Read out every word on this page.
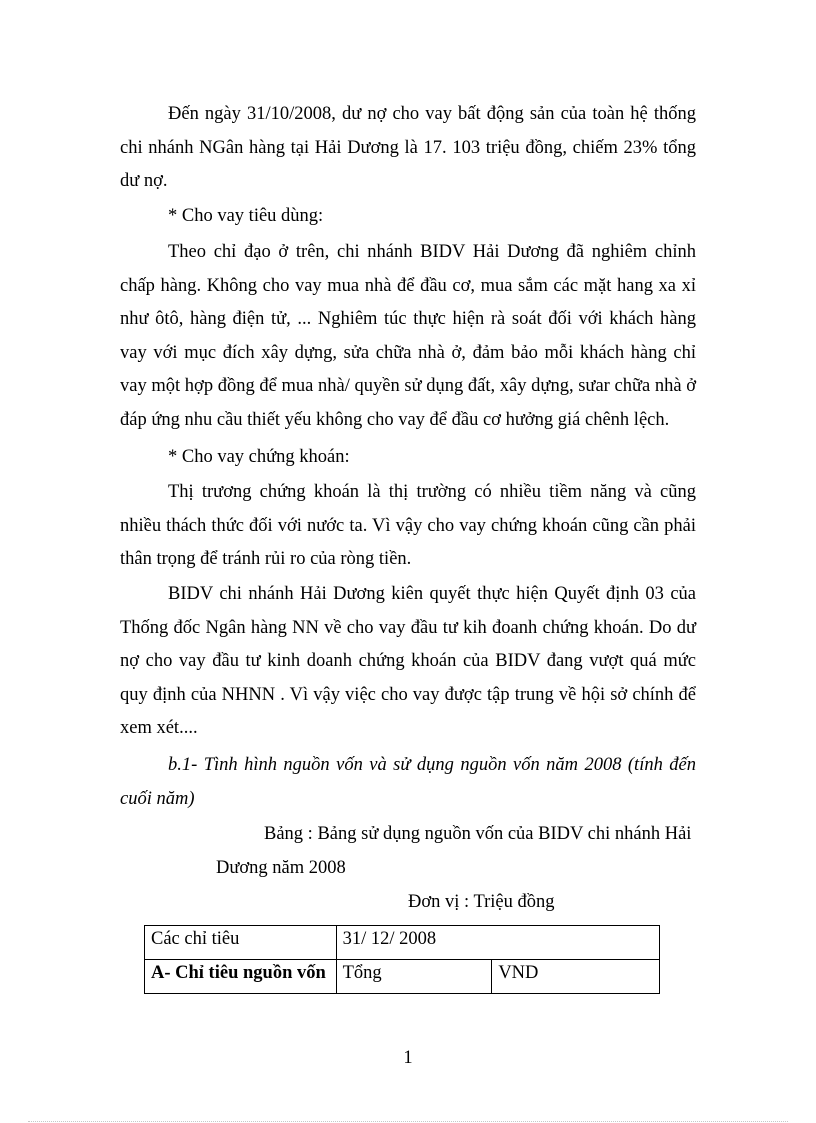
Đến ngày 31/10/2008, dư nợ cho vay bất động sản của toàn hệ thống chi nhánh NGân hàng tại Hải Dương là 17. 103 triệu đồng, chiếm 23% tổng dư nợ.

* Cho vay tiêu dùng:

Theo chỉ đạo ở trên, chi nhánh BIDV Hải Dương đã nghiêm chỉnh chấp hàng. Không cho vay mua nhà để đầu cơ, mua sắm các mặt hang xa xỉ như ôtô, hàng điện tử, ... Nghiêm túc thực hiện rà soát đối với khách hàng vay với mục đích xây dựng, sửa chữa nhà ở, đảm bảo mỗi khách hàng chỉ vay một hợp đồng để mua nhà/ quyền sử dụng đất, xây dựng, sưar chữa nhà ở đáp ứng nhu cầu thiết yếu không cho vay để đầu cơ hưởng giá chênh lệch.

* Cho vay chứng khoán:

Thị trương chứng khoán là thị trường có nhiều tiềm năng và cũng nhiều thách thức đối với nước ta. Vì vậy cho vay chứng khoán cũng cần phải thân trọng để tránh rủi ro của ròng tiền.

BIDV chi nhánh Hải Dương kiên quyết thực hiện Quyết định 03 của Thống đốc Ngân hàng NN về cho vay đầu tư kih đoanh chứng khoán. Do dư nợ cho vay đầu tư kinh doanh chứng khoán của BIDV đang vượt quá mức quy định của NHNN . Vì vậy việc cho vay được tập trung về hội sở chính để xem xét....

b.1- Tình hình nguồn vốn và sử dụng nguồn vốn năm 2008 (tính đến cuối năm)

Bảng : Bảng sử dụng nguồn vốn của BIDV chi nhánh Hải

Dương năm 2008

Đơn vị : Triệu đồng

Các chỉ tiêu	31/ 12/ 2008	
A- Chỉ tiêu nguồn vốn	Tổng	VND
1
